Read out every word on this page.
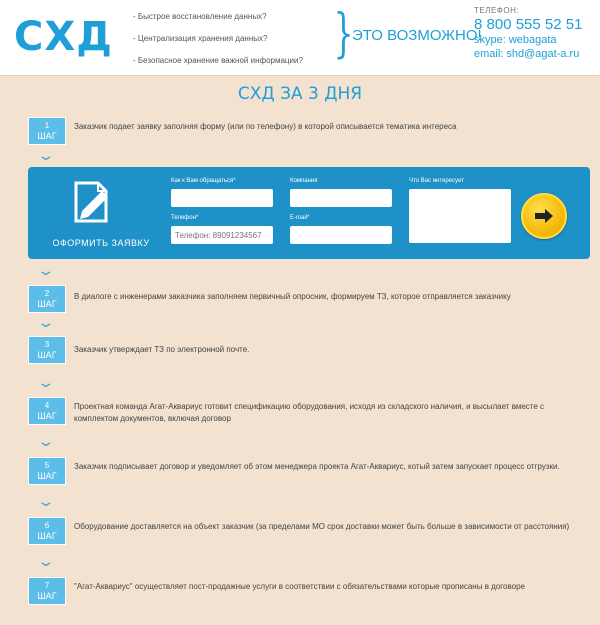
СХД	- Быстрое восстановление данных?
- Централизация хранения данных?
- Безопасное хранение важной информации? }
ЭТО ВОЗМОЖНО!
ТЕЛЕФОН:
8 800 555 52 51
skype: webagata
email: shd@agat-a.ru
СХД ЗА 3 ДНЯ
1
ШАГ
Заказчик подает заявку заполняя форму (или по телефону) в которой описывается тематика интереса
⌄
ОФОРМИТЬ ЗАЯВКУ
Как к Вам обращаться*	Компания	Что Вас интересует
Телефон*
Телефон: 89091234567	E-mail*
⌄
2
ШАГ
В диалоге с инженерами заказчика заполняем первичный опросник, формируем ТЗ, которое отправляется заказчику
⌄
3
ШАГ
Заказчик утверждает ТЗ по электронной почте.
⌄
4
ШАГ
Проектная команда Агат-Аквариус готовит спецификацию оборудования, исходя из складского наличия, и высылает вместе с комплектом документов, включая договор
⌄
5
ШАГ
Заказчик подписывает договор и уведомляет об этом менеджера проекта Агат-Аквариус, котый затем запускает процесс отгрузки.
⌄
6
ШАГ
Оборудование доставляется на объект заказчик (за пределами МО срок доставки может быть больше в зависимости от расстояния)
⌄
7
ШАГ
"Агат-Аквариус" осуществляет пост-продажные услуги в соответствии с обязательствами которые прописаны в договоре
